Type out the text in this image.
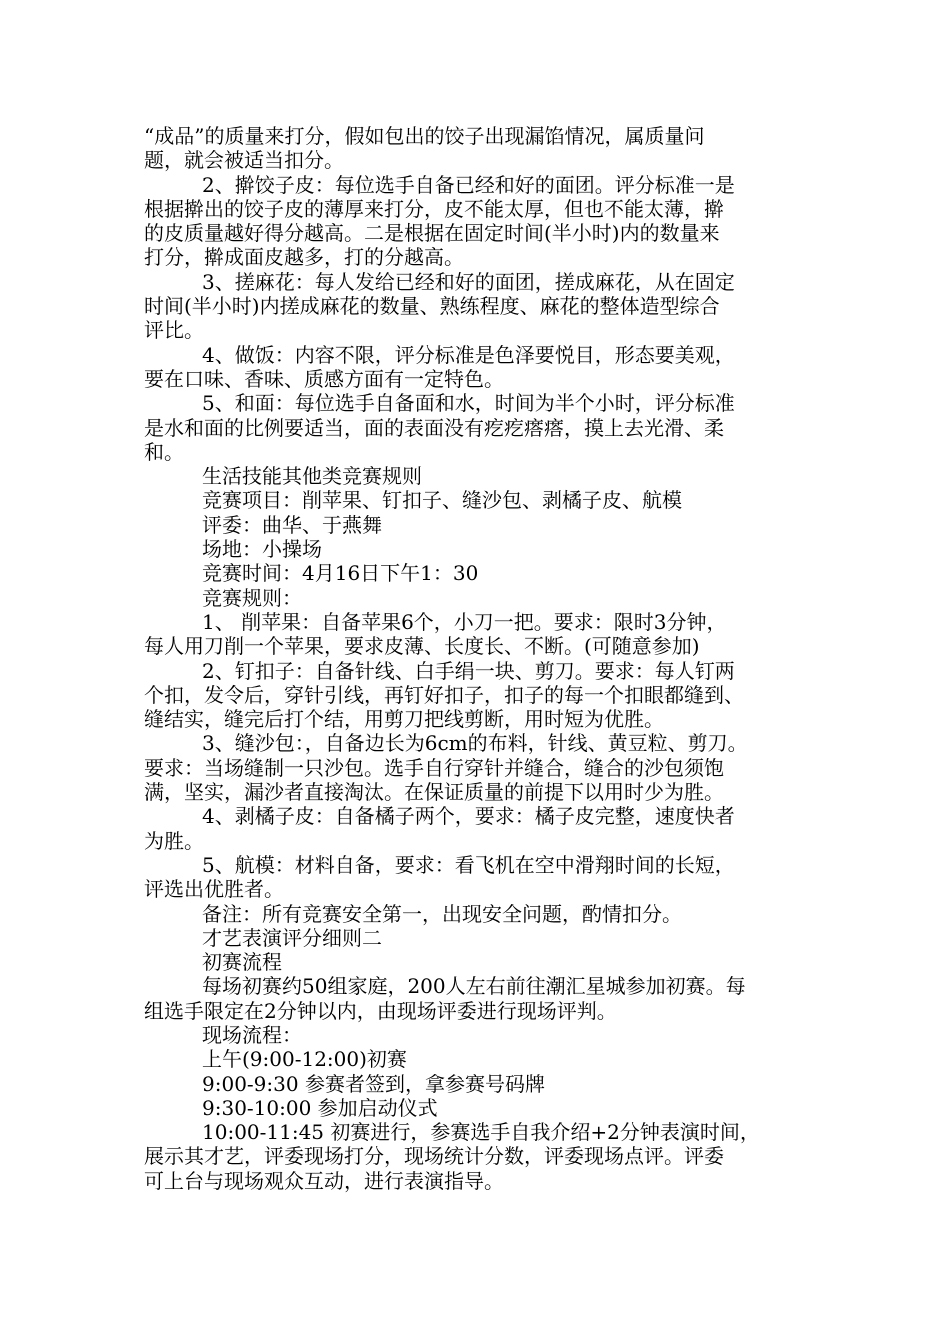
“成品”的质量来打分，假如包出的饺子出现漏馅情况，属质量问
题，就会被适当扣分。
2、擀饺子皮：每位选手自备已经和好的面团。评分标准一是
根据擀出的饺子皮的薄厚来打分，皮不能太厚，但也不能太薄，擀
的皮质量越好得分越高。二是根据在固定时间(半小时)内的数量来
打分，擀成面皮越多，打的分越高。
3、搓麻花：每人发给已经和好的面团，搓成麻花，从在固定
时间(半小时)内搓成麻花的数量、熟练程度、麻花的整体造型综合
评比。
4、做饭：内容不限，评分标准是色泽要悦目，形态要美观，
要在口味、香味、质感方面有一定特色。
5、和面：每位选手自备面和水，时间为半个小时，评分标准
是水和面的比例要适当，面的表面没有疙疙瘩瘩，摸上去光滑、柔
和。
生活技能其他类竞赛规则
竞赛项目：削苹果、钉扣子、缝沙包、剥橘子皮、航模
评委：曲华、于燕舞
场地：小操场
竞赛时间：4月16日下午1：30
竞赛规则：
1、 削苹果：自备苹果6个，小刀一把。要求：限时3分钟，
每人用刀削一个苹果，要求皮薄、长度长、不断。(可随意参加)
2、钉扣子：自备针线、白手绢一块、剪刀。要求：每人钉两
个扣，发令后，穿针引线，再钉好扣子，扣子的每一个扣眼都缝到、
缝结实，缝完后打个结，用剪刀把线剪断，用时短为优胜。
3、缝沙包：，自备边长为6cm的布料，针线、黄豆粒、剪刀。
要求：当场缝制一只沙包。选手自行穿针并缝合，缝合的沙包须饱
满，坚实，漏沙者直接淘汰。在保证质量的前提下以用时少为胜。
4、剥橘子皮：自备橘子两个，要求：橘子皮完整，速度快者
为胜。
5、航模：材料自备，要求：看飞机在空中滑翔时间的长短，
评选出优胜者。
备注：所有竞赛安全第一，出现安全问题，酌情扣分。
才艺表演评分细则二
初赛流程
每场初赛约50组家庭，200人左右前往潮汇星城参加初赛。每
组选手限定在2分钟以内，由现场评委进行现场评判。
现场流程：
上午(9:00-12:00)初赛
9:00-9:30 参赛者签到，拿参赛号码牌
9:30-10:00 参加启动仪式
10:00-11:45 初赛进行，参赛选手自我介绍+2分钟表演时间，
展示其才艺，评委现场打分，现场统计分数，评委现场点评。评委
可上台与现场观众互动，进行表演指导。
